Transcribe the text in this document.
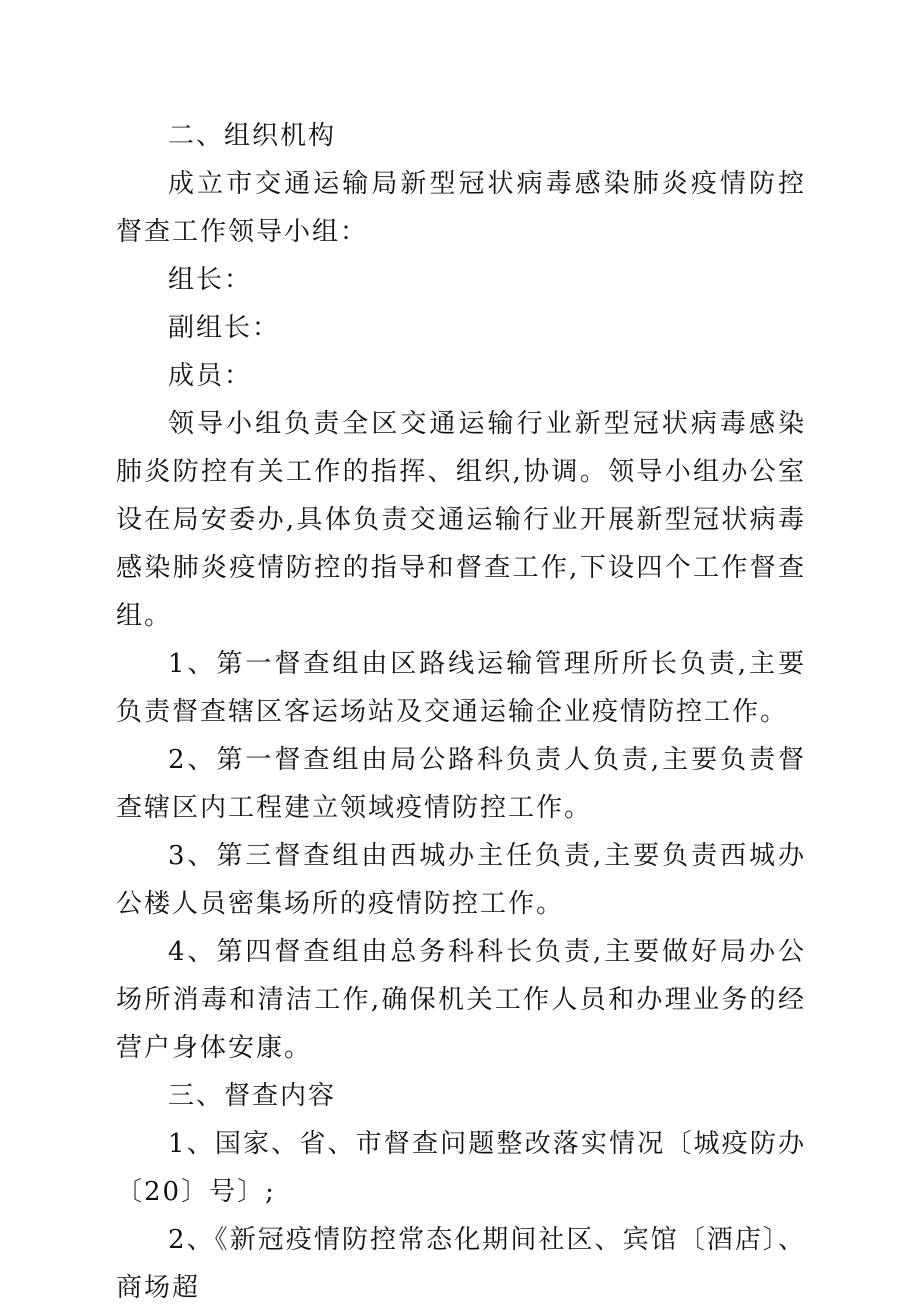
二、组织机构

成立市交通运输局新型冠状病毒感染肺炎疫情防控督查工作领导小组：

组长：

副组长：

成员：

领导小组负责全区交通运输行业新型冠状病毒感染肺炎防控有关工作的指挥、组织,协调。领导小组办公室设在局安委办,具体负责交通运输行业开展新型冠状病毒感染肺炎疫情防控的指导和督查工作,下设四个工作督查组。

1、第一督查组由区路线运输管理所所长负责,主要负责督查辖区客运场站及交通运输企业疫情防控工作。

2、第一督查组由局公路科负责人负责,主要负责督查辖区内工程建立领域疫情防控工作。

3、第三督查组由西城办主任负责,主要负责西城办公楼人员密集场所的疫情防控工作。

4、第四督查组由总务科科长负责,主要做好局办公场所消毒和清洁工作,确保机关工作人员和办理业务的经营户身体安康。

三、督查内容

1、国家、省、市督查问题整改落实情况〔城疫防办〔20〕号〕;

2、《新冠疫情防控常态化期间社区、宾馆〔酒店〕、商场超
